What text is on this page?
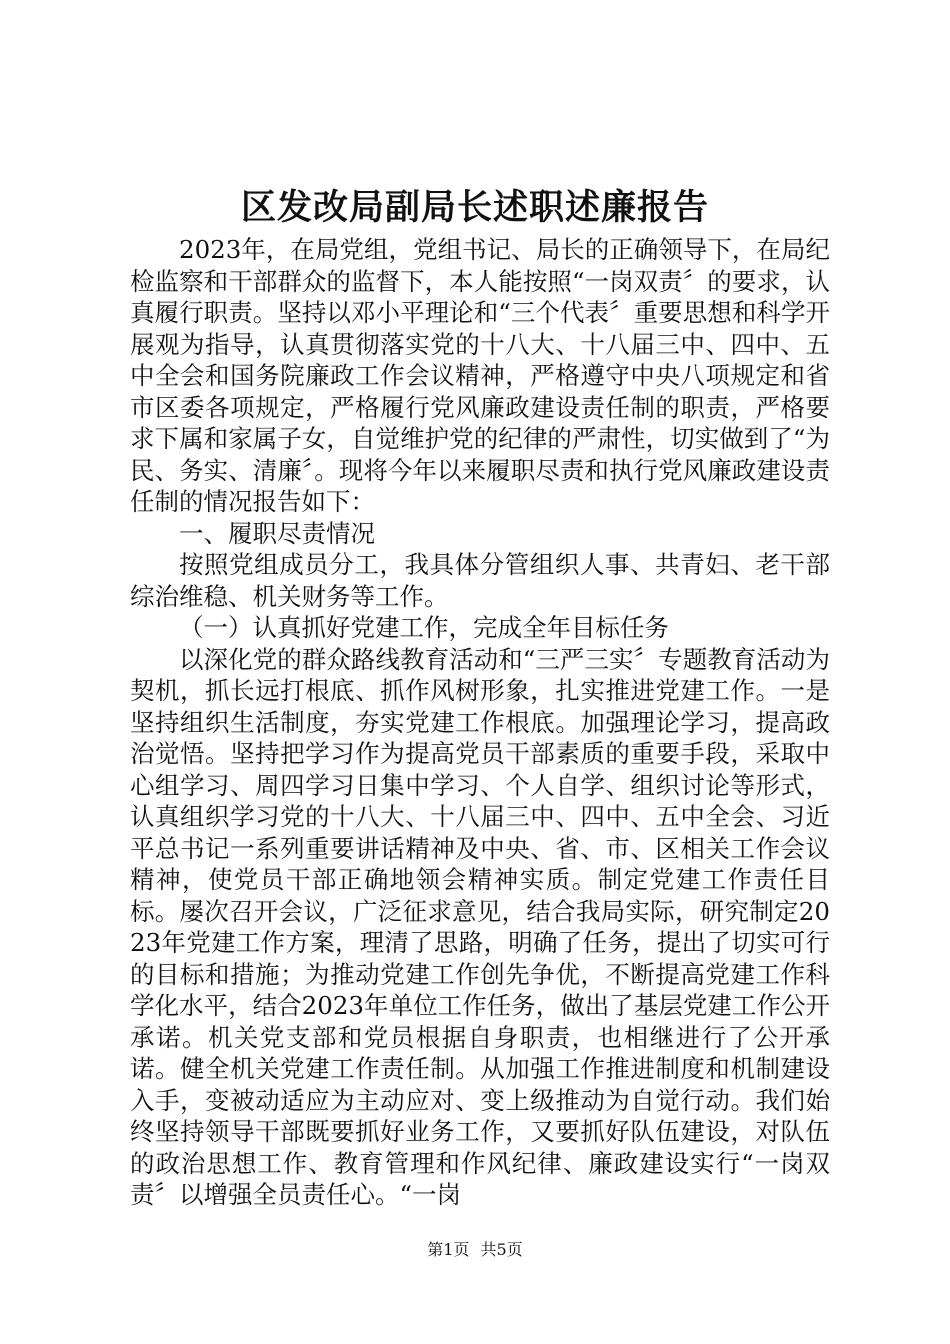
区发改局副局长述职述廉报告

2023年，在局党组，党组书记、局长的正确领导下，在局纪检监察和干部群众的监督下，本人能按照“一岗双责〞的要求，认真履行职责。坚持以邓小平理论和“三个代表〞重要思想和科学开展观为指导，认真贯彻落实党的十八大、十八届三中、四中、五中全会和国务院廉政工作会议精神，严格遵守中央八项规定和省市区委各项规定，严格履行党风廉政建设责任制的职责，严格要求下属和家属子女，自觉维护党的纪律的严肃性，切实做到了“为民、务实、清廉〞。现将今年以来履职尽责和执行党风廉政建设责任制的情况报告如下：

一、履职尽责情况

按照党组成员分工，我具体分管组织人事、共青妇、老干部综治维稳、机关财务等工作。

（一）认真抓好党建工作，完成全年目标任务

以深化党的群众路线教育活动和“三严三实〞专题教育活动为契机，抓长远打根底、抓作风树形象，扎实推进党建工作。一是坚持组织生活制度，夯实党建工作根底。加强理论学习，提高政治觉悟。坚持把学习作为提高党员干部素质的重要手段，采取中心组学习、周四学习日集中学习、个人自学、组织讨论等形式，认真组织学习党的十八大、十八届三中、四中、五中全会、习近平总书记一系列重要讲话精神及中央、省、市、区相关工作会议精神，使党员干部正确地领会精神实质。制定党建工作责任目标。屡次召开会议，广泛征求意见，结合我局实际，研究制定2023年党建工作方案，理清了思路，明确了任务，提出了切实可行的目标和措施；为推动党建工作创先争优，不断提高党建工作科学化水平，结合2023年单位工作任务，做出了基层党建工作公开承诺。机关党支部和党员根据自身职责，也相继进行了公开承诺。健全机关党建工作责任制。从加强工作推进制度和机制建设入手，变被动适应为主动应对、变上级推动为自觉行动。我们始终坚持领导干部既要抓好业务工作，又要抓好队伍建设，对队伍的政治思想工作、教育管理和作风纪律、廉政建设实行“一岗双责〞以增强全员责任心。“一岗

第1页 共5页
